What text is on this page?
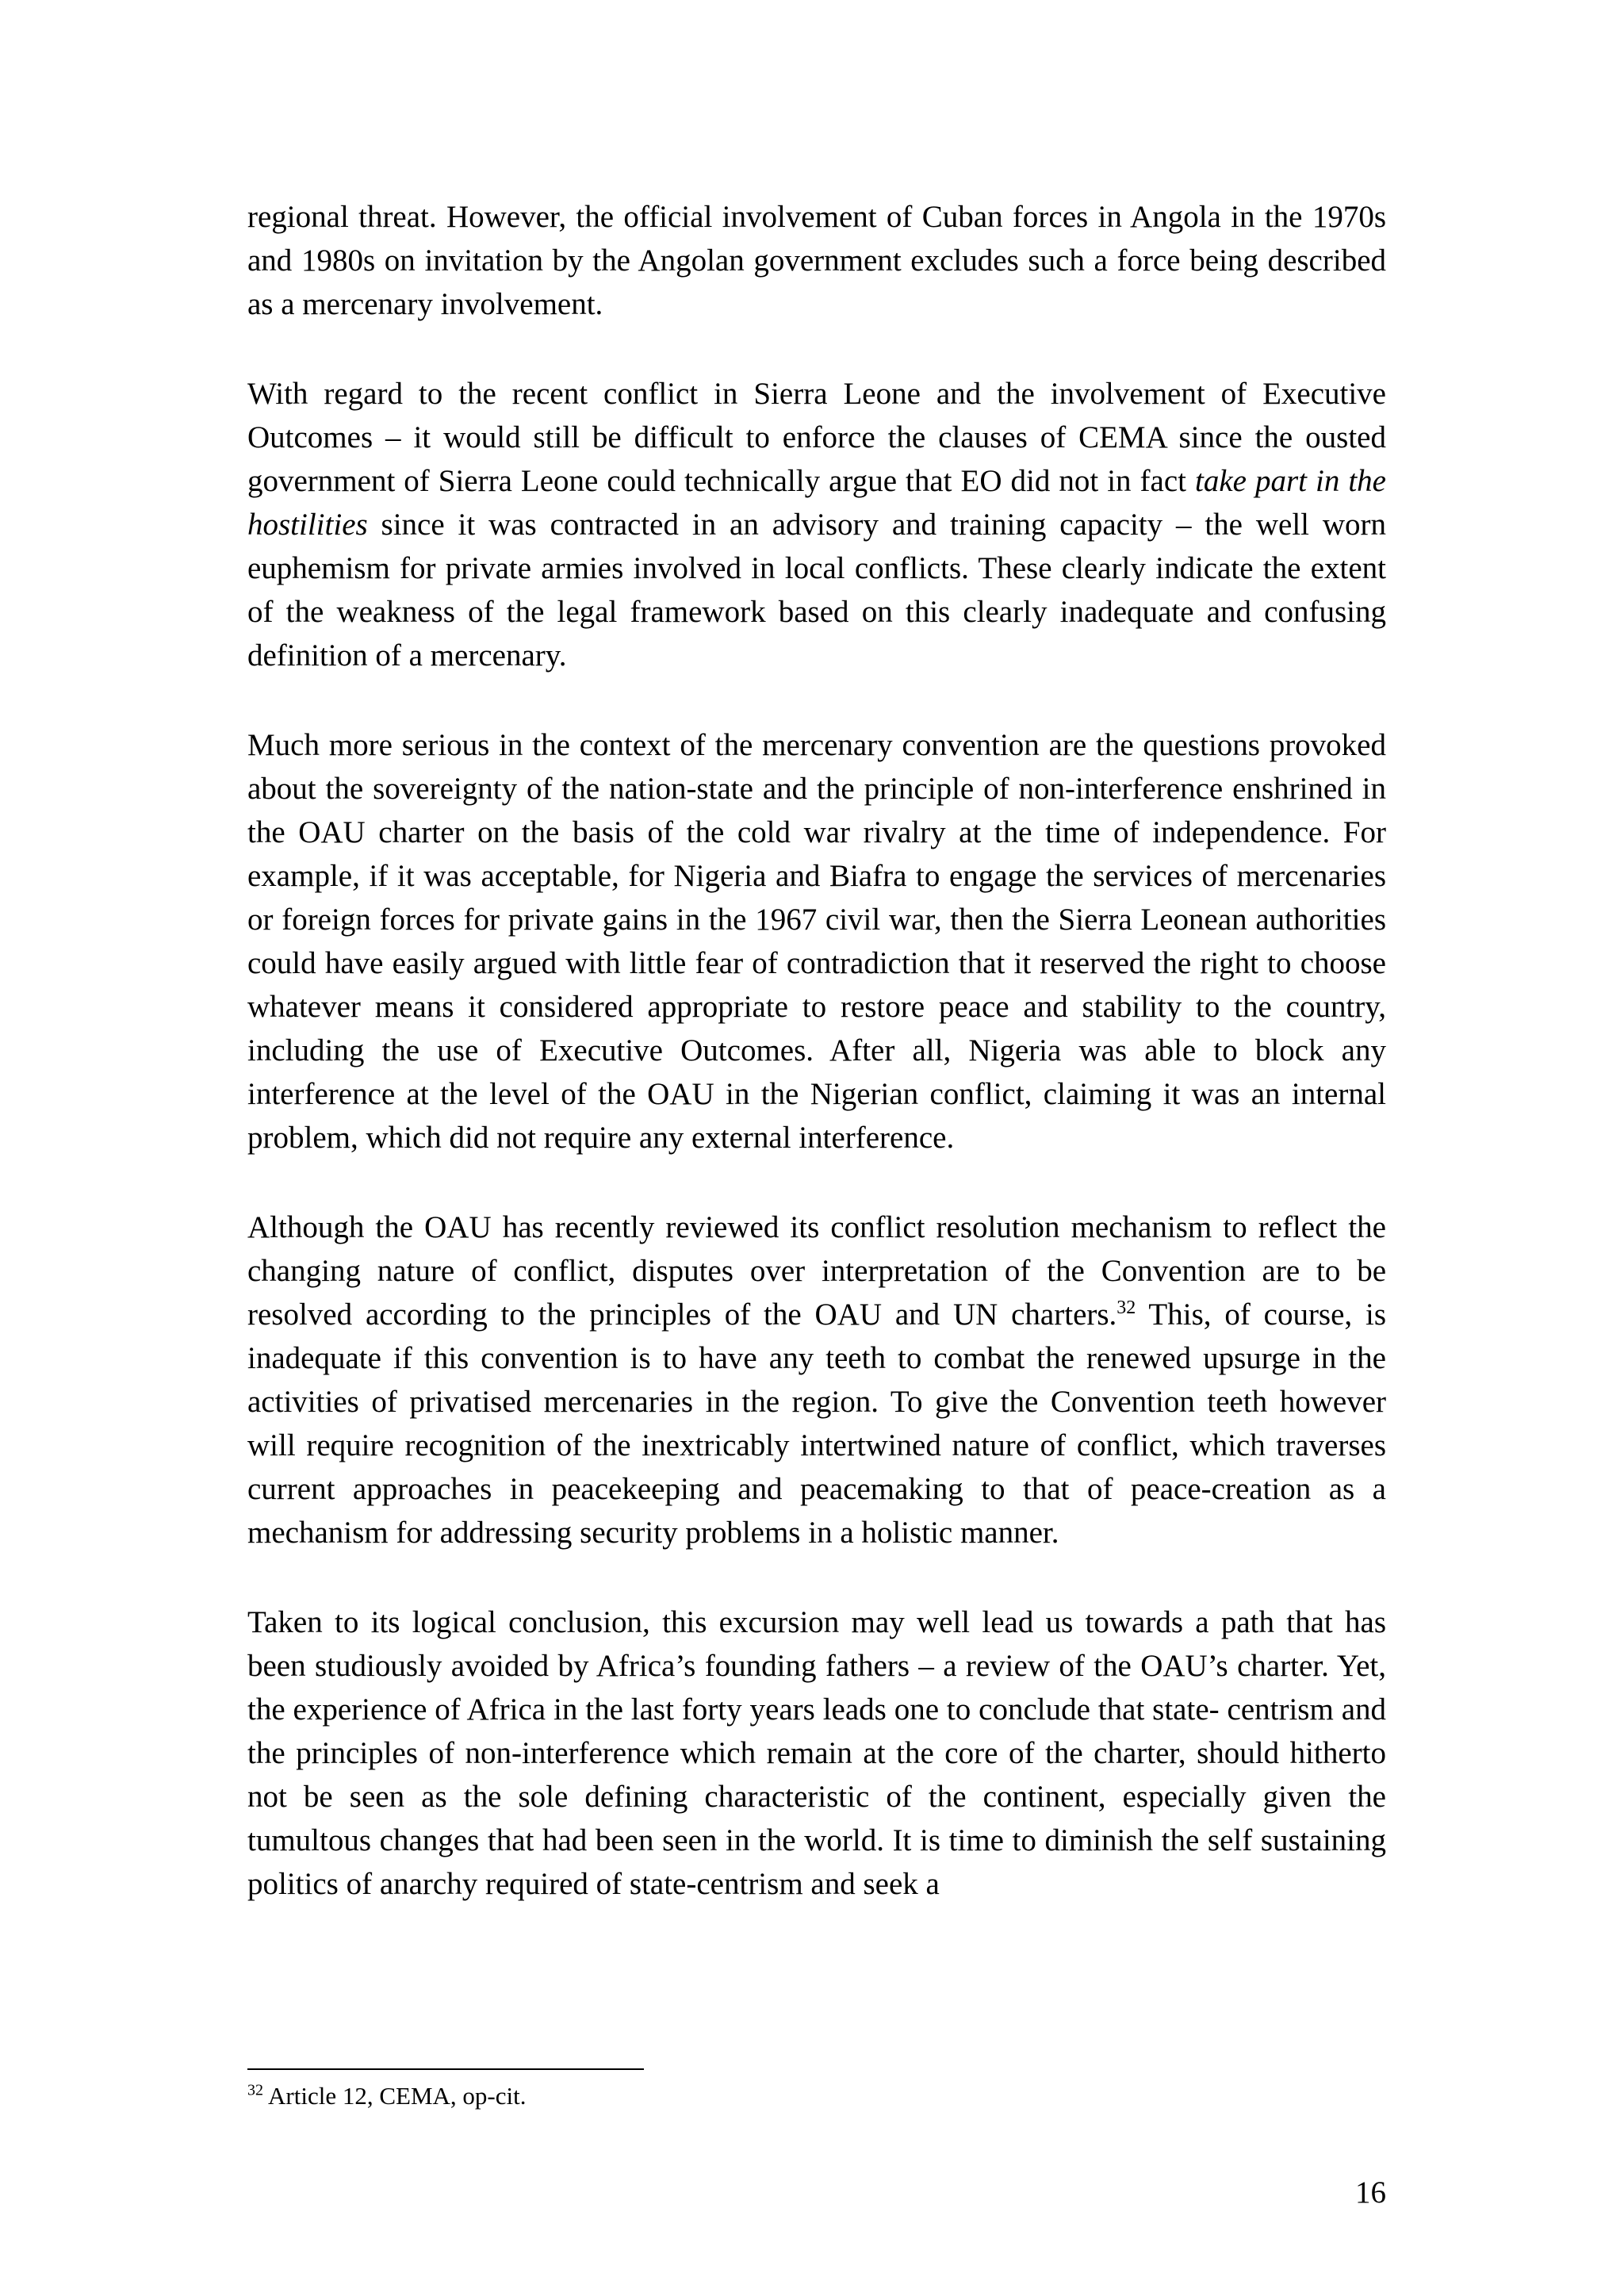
regional threat. However, the official involvement of Cuban forces in Angola in the 1970s and 1980s on invitation by the Angolan government excludes such a force being described as a mercenary involvement.

With regard to the recent conflict in Sierra Leone and the involvement of Executive Outcomes – it would still be difficult to enforce the clauses of CEMA since the ousted government of Sierra Leone could technically argue that EO did not in fact take part in the hostilities since it was contracted in an advisory and training capacity – the well worn euphemism for private armies involved in local conflicts. These clearly indicate the extent of the weakness of the legal framework based on this clearly inadequate and confusing definition of a mercenary.

Much more serious in the context of the mercenary convention are the questions provoked about the sovereignty of the nation-state and the principle of non-interference enshrined in the OAU charter on the basis of the cold war rivalry at the time of independence. For example, if it was acceptable, for Nigeria and Biafra to engage the services of mercenaries or foreign forces for private gains in the 1967 civil war, then the Sierra Leonean authorities could have easily argued with little fear of contradiction that it reserved the right to choose whatever means it considered appropriate to restore peace and stability to the country, including the use of Executive Outcomes. After all, Nigeria was able to block any interference at the level of the OAU in the Nigerian conflict, claiming it was an internal problem, which did not require any external interference.

Although the OAU has recently reviewed its conflict resolution mechanism to reflect the changing nature of conflict, disputes over interpretation of the Convention are to be resolved according to the principles of the OAU and UN charters.$^{32}$ This, of course, is inadequate if this convention is to have any teeth to combat the renewed upsurge in the activities of privatised mercenaries in the region. To give the Convention teeth however will require recognition of the inextricably intertwined nature of conflict, which traverses current approaches in peacekeeping and peacemaking to that of peace-creation as a mechanism for addressing security problems in a holistic manner.

Taken to its logical conclusion, this excursion may well lead us towards a path that has been studiously avoided by Africa’s founding fathers – a review of the OAU’s charter. Yet, the experience of Africa in the last forty years leads one to conclude that state- centrism and the principles of non-interference which remain at the core of the charter, should hitherto not be seen as the sole defining characteristic of the continent, especially given the tumultous changes that had been seen in the world. It is time to diminish the self sustaining politics of anarchy required of state-centrism and seek a

$^{32}$ Article 12, CEMA, op-cit.
16
